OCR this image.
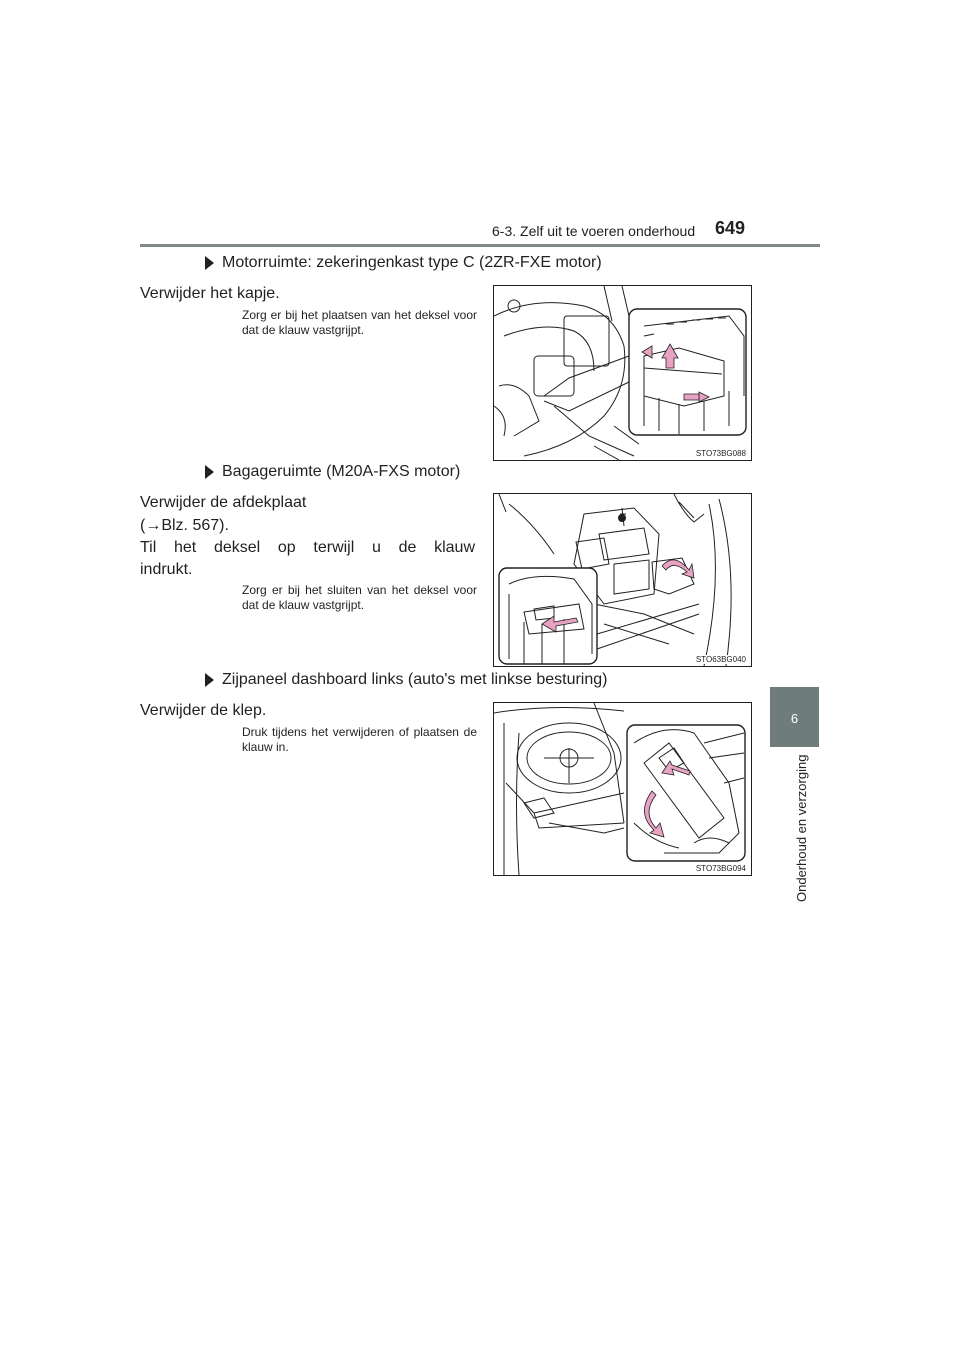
6-3. Zelf uit te voeren onderhoud 649
6
Onderhoud en verzorging
Motorruimte: zekeringenkast type C (2ZR-FXE motor)
Verwijder het kapje.
Zorg er bij het plaatsen van het deksel voor dat de klauw vastgrijpt.
STO73BG088
Bagageruimte (M20A-FXS motor)
Verwijder de afdekplaat
(→Blz. 567).
Til het deksel op terwijl u de klauw
indrukt.
Zorg er bij het sluiten van het deksel voor dat de klauw vastgrijpt.
STO63BG040
Zijpaneel dashboard links (auto's met linkse besturing)
Verwijder de klep.
Druk tijdens het verwijderen of plaatsen de klauw in.
STO73BG094
